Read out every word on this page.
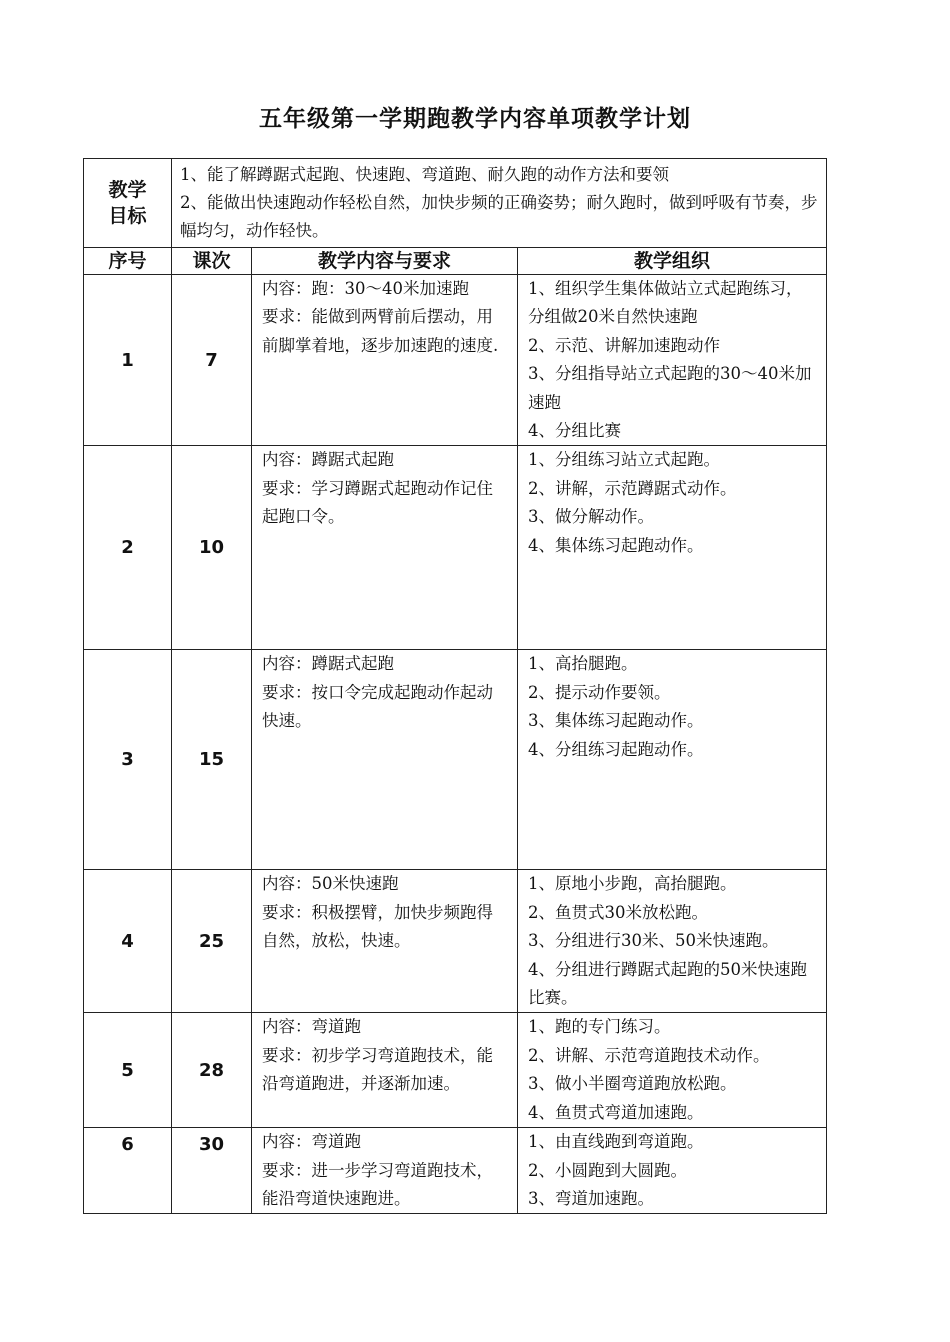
五年级第一学期跑教学内容单项教学计划
教学
目标	1、能了解蹲踞式起跑、快速跑、弯道跑、耐久跑的动作方法和要领
2、能做出快速跑动作轻松自然，加快步频的正确姿势；耐久跑时，做到呼吸有节奏，步幅均匀，动作轻快。		

序号	课次	教学内容与要求	教学组织
1	7	内容：跑：30～40米加速跑
要求：能做到两臂前后摆动，用前脚掌着地，逐步加速跑的速度.	1、组织学生集体做站立式起跑练习，分组做20米自然快速跑
2、示范、讲解加速跑动作
3、分组指导站立式起跑的30～40米加速跑
4、分组比赛

2	10	内容：蹲踞式起跑
要求：学习蹲踞式起跑动作记住起跑口令。	1、分组练习站立式起跑。
2、讲解，示范蹲踞式动作。
3、做分解动作。
4、集体练习起跑动作。

3	15	内容：蹲踞式起跑
要求：按口令完成起跑动作起动快速。	1、高抬腿跑。
2、提示动作要领。
3、集体练习起跑动作。
4、分组练习起跑动作。

4	25	内容：50米快速跑
要求：积极摆臂，加快步频跑得自然，放松，快速。	1、原地小步跑，高抬腿跑。
2、鱼贯式30米放松跑。
3、分组进行30米、50米快速跑。
4、分组进行蹲踞式起跑的50米快速跑比赛。

5	28	内容：弯道跑
要求：初步学习弯道跑技术，能沿弯道跑进，并逐渐加速。	1、跑的专门练习。
2、讲解、示范弯道跑技术动作。
3、做小半圈弯道跑放松跑。
4、鱼贯式弯道加速跑。

6	30	内容：弯道跑
要求：进一步学习弯道跑技术，能沿弯道快速跑进。	1、由直线跑到弯道跑。
2、小圆跑到大圆跑。
3、弯道加速跑。
